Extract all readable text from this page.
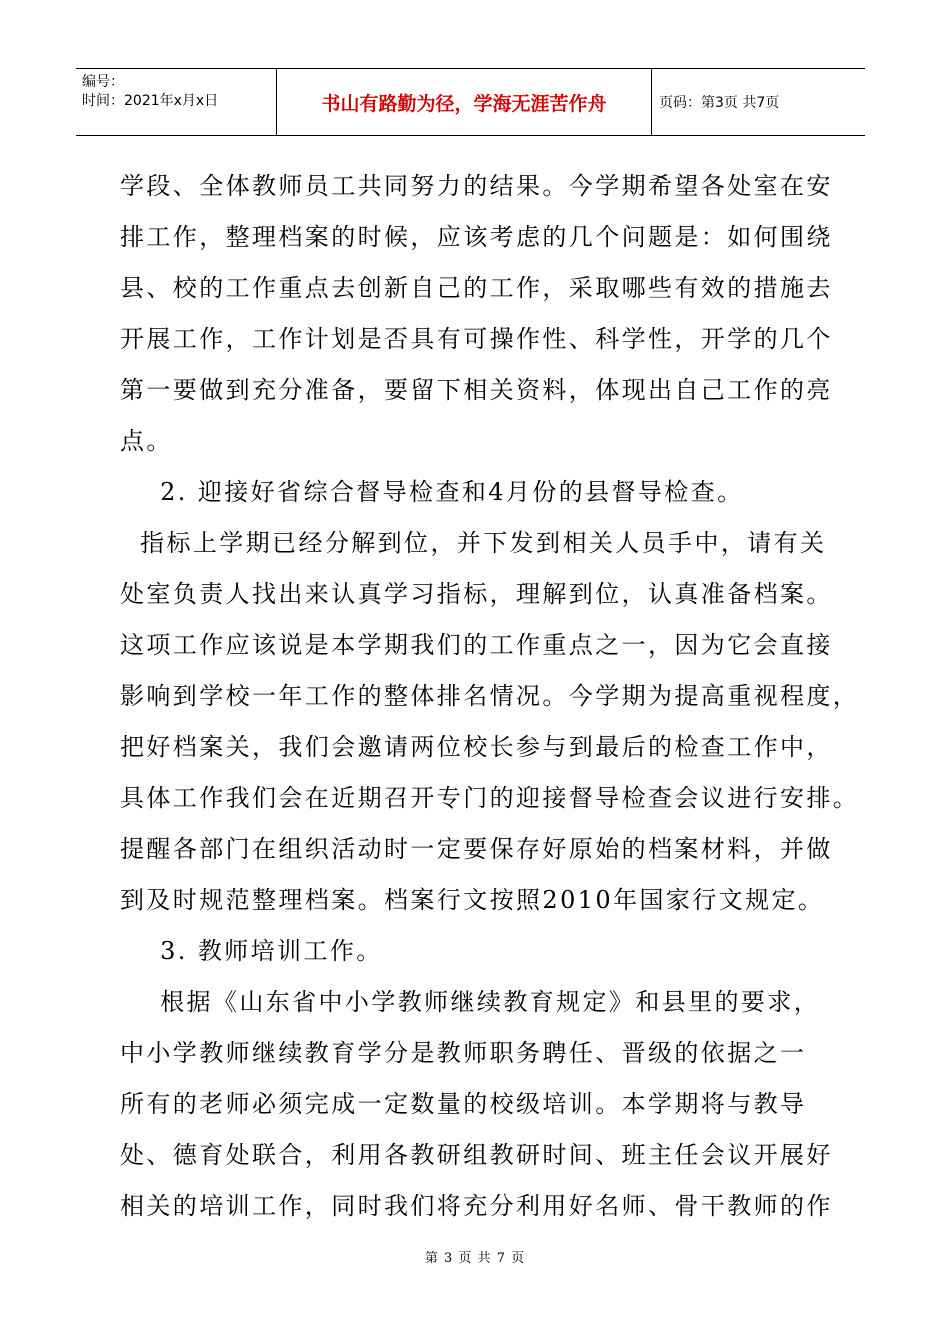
编号：
时间：2021年x月x日	书山有路勤为径，学海无涯苦作舟	页码：第3页 共7页

学段、全体教师员工共同努力的结果。今学期希望各处室在安

排工作，整理档案的时候，应该考虑的几个问题是：如何围绕

县、校的工作重点去创新自己的工作，采取哪些有效的措施去

开展工作，工作计划是否具有可操作性、科学性，开学的几个

第一要做到充分准备，要留下相关资料，体现出自己工作的亮

点。

2. 迎接好省综合督导检查和4月份的县督导检查。

指标上学期已经分解到位，并下发到相关人员手中，请有关

处室负责人找出来认真学习指标，理解到位，认真准备档案。

这项工作应该说是本学期我们的工作重点之一，因为它会直接

影响到学校一年工作的整体排名情况。今学期为提高重视程度，

把好档案关，我们会邀请两位校长参与到最后的检查工作中，

具体工作我们会在近期召开专门的迎接督导检查会议进行安排。

提醒各部门在组织活动时一定要保存好原始的档案材料，并做

到及时规范整理档案。档案行文按照2010年国家行文规定。

3. 教师培训工作。

根据《山东省中小学教师继续教育规定》和县里的要求，

中小学教师继续教育学分是教师职务聘任、晋级的依据之一

所有的老师必须完成一定数量的校级培训。本学期将与教导

处、德育处联合，利用各教研组教研时间、班主任会议开展好

相关的培训工作，同时我们将充分利用好名师、骨干教师的作

第 3 页 共 7 页
